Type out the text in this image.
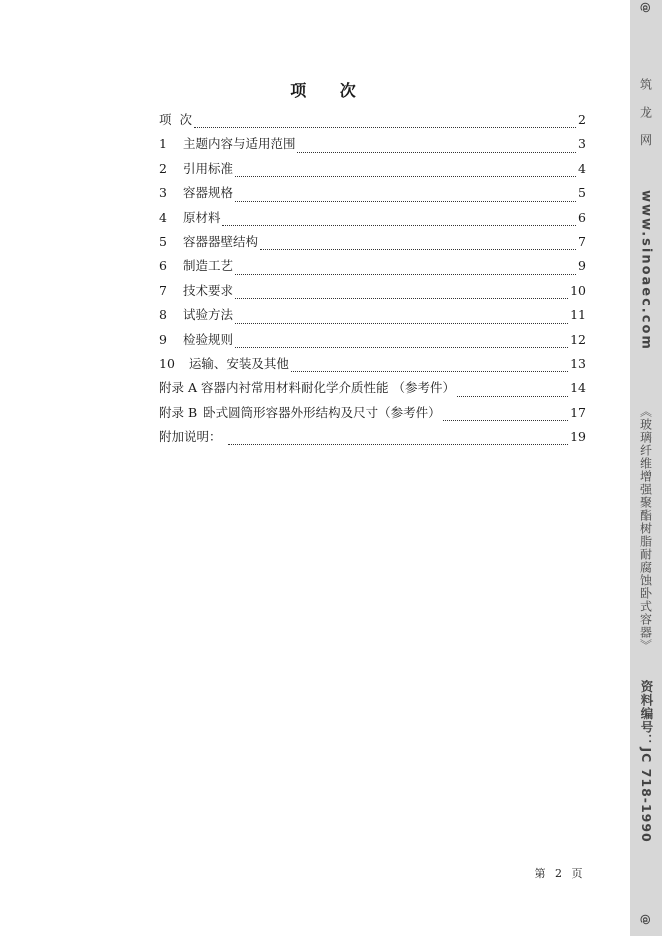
项 次
项 次	2
1 主题内容与适用范围	3
2 引用标准	4
3 容器规格	5
4 原材料	6
5 容器器壁结构	7
6 制造工艺	9
7 技术要求	10
8 试验方法	11
9 检验规则	12
10 运输、安装及其他	13
附录 A 容器内衬常用材料耐化学介质性能 （参考件）	14
附录 B 卧式圆筒形容器外形结构及尺寸（参考件）	17
附加说明：	19
第 2 页
@
筑 龙 网
www.sinoaec.com
《玻璃纤维增强聚酯树脂耐腐蚀卧式容器》
资料编号：JC 718-1990
@
